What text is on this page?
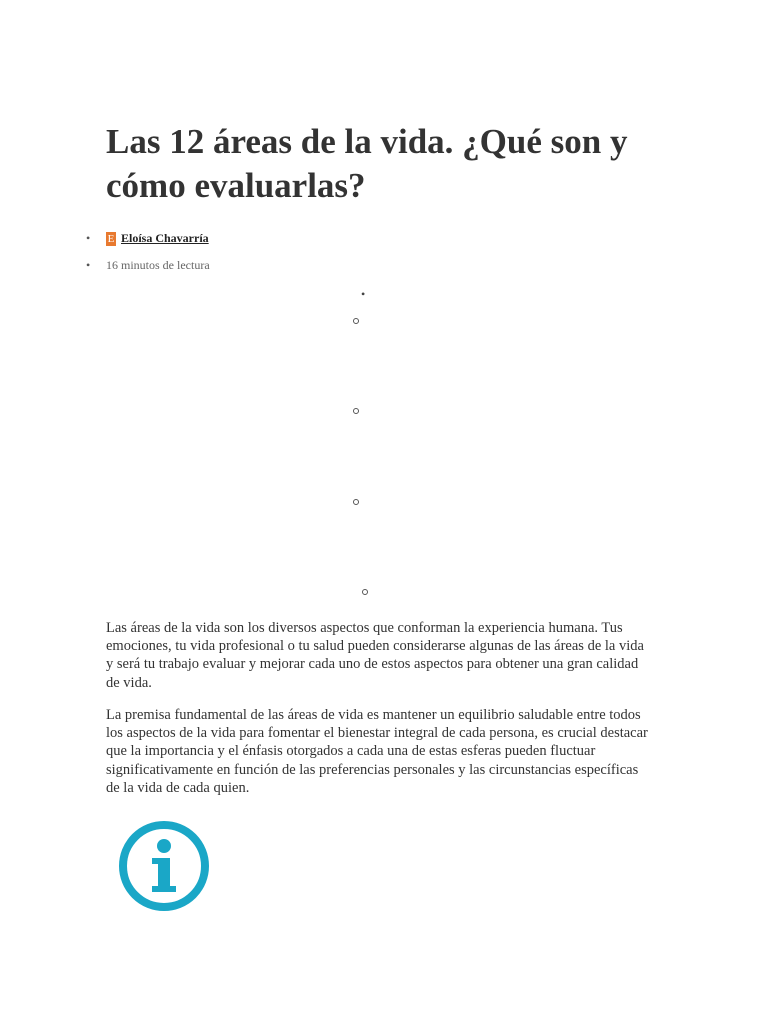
Las 12 áreas de la vida. ¿Qué son y cómo evaluarlas?
• E Eloísa Chavarría
• 16 minutos de lectura
•

Las áreas de la vida son los diversos aspectos que conforman la experiencia humana. Tus emociones, tu vida profesional o tu salud pueden considerarse algunas de las áreas de la vida y será tu trabajo evaluar y mejorar cada uno de estos aspectos para obtener una gran calidad de vida.

La premisa fundamental de las áreas de vida es mantener un equilibrio saludable entre todos los aspectos de la vida para fomentar el bienestar integral de cada persona, es crucial destacar que la importancia y el énfasis otorgados a cada una de estas esferas pueden fluctuar significativamente en función de las preferencias personales y las circunstancias específicas de la vida de cada quien.
